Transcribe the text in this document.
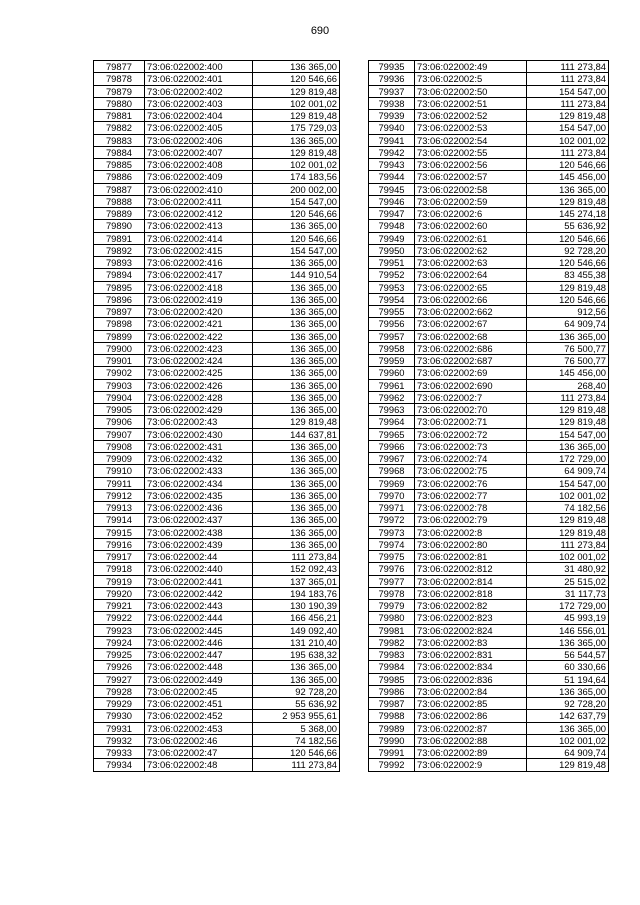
690
79877	73:06:022002:400	136 365,00
79878	73:06:022002:401	120 546,66
79879	73:06:022002:402	129 819,48
79880	73:06:022002:403	102 001,02
79881	73:06:022002:404	129 819,48
79882	73:06:022002:405	175 729,03
79883	73:06:022002:406	136 365,00
79884	73:06:022002:407	129 819,48
79885	73:06:022002:408	102 001,02
79886	73:06:022002:409	174 183,56
79887	73:06:022002:410	200 002,00
79888	73:06:022002:411	154 547,00
79889	73:06:022002:412	120 546,66
79890	73:06:022002:413	136 365,00
79891	73:06:022002:414	120 546,66
79892	73:06:022002:415	154 547,00
79893	73:06:022002:416	136 365,00
79894	73:06:022002:417	144 910,54
79895	73:06:022002:418	136 365,00
79896	73:06:022002:419	136 365,00
79897	73:06:022002:420	136 365,00
79898	73:06:022002:421	136 365,00
79899	73:06:022002:422	136 365,00
79900	73:06:022002:423	136 365,00
79901	73:06:022002:424	136 365,00
79902	73:06:022002:425	136 365,00
79903	73:06:022002:426	136 365,00
79904	73:06:022002:428	136 365,00
79905	73:06:022002:429	136 365,00
79906	73:06:022002:43	129 819,48
79907	73:06:022002:430	144 637,81
79908	73:06:022002:431	136 365,00
79909	73:06:022002:432	136 365,00
79910	73:06:022002:433	136 365,00
79911	73:06:022002:434	136 365,00
79912	73:06:022002:435	136 365,00
79913	73:06:022002:436	136 365,00
79914	73:06:022002:437	136 365,00
79915	73:06:022002:438	136 365,00
79916	73:06:022002:439	136 365,00
79917	73:06:022002:44	111 273,84
79918	73:06:022002:440	152 092,43
79919	73:06:022002:441	137 365,01
79920	73:06:022002:442	194 183,76
79921	73:06:022002:443	130 190,39
79922	73:06:022002:444	166 456,21
79923	73:06:022002:445	149 092,40
79924	73:06:022002:446	131 210,40
79925	73:06:022002:447	195 638,32
79926	73:06:022002:448	136 365,00
79927	73:06:022002:449	136 365,00
79928	73:06:022002:45	92 728,20
79929	73:06:022002:451	55 636,92
79930	73:06:022002:452	2 953 955,61
79931	73:06:022002:453	5 368,00
79932	73:06:022002:46	74 182,56
79933	73:06:022002:47	120 546,66
79934	73:06:022002:48	111 273,84
79935	73:06:022002:49	111 273,84
79936	73:06:022002:5	111 273,84
79937	73:06:022002:50	154 547,00
79938	73:06:022002:51	111 273,84
79939	73:06:022002:52	129 819,48
79940	73:06:022002:53	154 547,00
79941	73:06:022002:54	102 001,02
79942	73:06:022002:55	111 273,84
79943	73:06:022002:56	120 546,66
79944	73:06:022002:57	145 456,00
79945	73:06:022002:58	136 365,00
79946	73:06:022002:59	129 819,48
79947	73:06:022002:6	145 274,18
79948	73:06:022002:60	55 636,92
79949	73:06:022002:61	120 546,66
79950	73:06:022002:62	92 728,20
79951	73:06:022002:63	120 546,66
79952	73:06:022002:64	83 455,38
79953	73:06:022002:65	129 819,48
79954	73:06:022002:66	120 546,66
79955	73:06:022002:662	912,56
79956	73:06:022002:67	64 909,74
79957	73:06:022002:68	136 365,00
79958	73:06:022002:686	76 500,77
79959	73:06:022002:687	76 500,77
79960	73:06:022002:69	145 456,00
79961	73:06:022002:690	268,40
79962	73:06:022002:7	111 273,84
79963	73:06:022002:70	129 819,48
79964	73:06:022002:71	129 819,48
79965	73:06:022002:72	154 547,00
79966	73:06:022002:73	136 365,00
79967	73:06:022002:74	172 729,00
79968	73:06:022002:75	64 909,74
79969	73:06:022002:76	154 547,00
79970	73:06:022002:77	102 001,02
79971	73:06:022002:78	74 182,56
79972	73:06:022002:79	129 819,48
79973	73:06:022002:8	129 819,48
79974	73:06:022002:80	111 273,84
79975	73:06:022002:81	102 001,02
79976	73:06:022002:812	31 480,92
79977	73:06:022002:814	25 515,02
79978	73:06:022002:818	31 117,73
79979	73:06:022002:82	172 729,00
79980	73:06:022002:823	45 993,19
79981	73:06:022002:824	146 556,01
79982	73:06:022002:83	136 365,00
79983	73:06:022002:831	56 544,57
79984	73:06:022002:834	60 330,66
79985	73:06:022002:836	51 194,64
79986	73:06:022002:84	136 365,00
79987	73:06:022002:85	92 728,20
79988	73:06:022002:86	142 637,79
79989	73:06:022002:87	136 365,00
79990	73:06:022002:88	102 001,02
79991	73:06:022002:89	64 909,74
79992	73:06:022002:9	129 819,48
